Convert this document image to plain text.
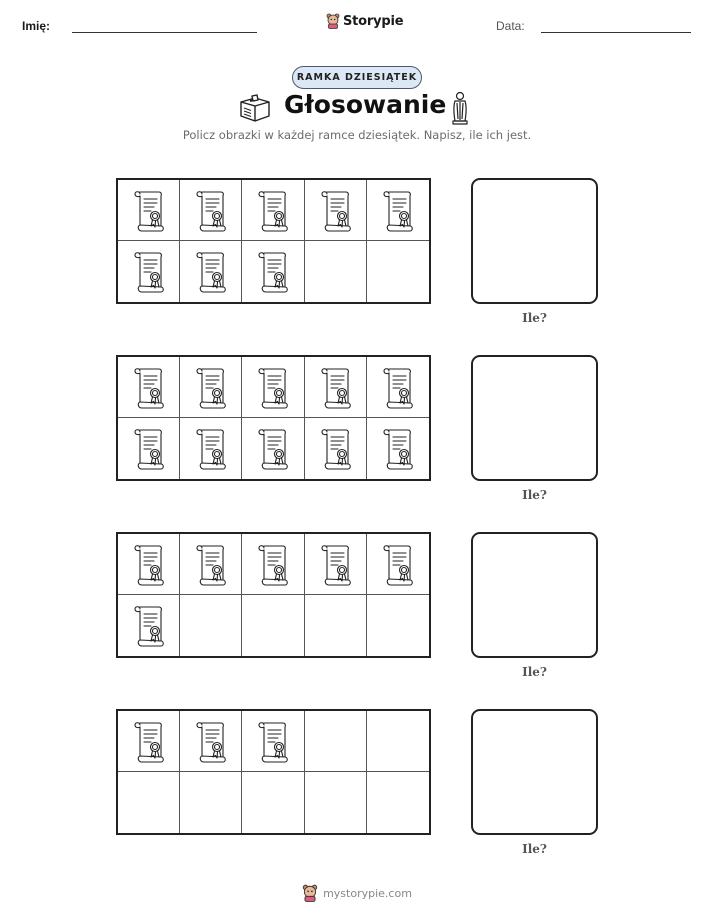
Imię:	Storypie	Data:
RAMKA DZIESIĄTEK
Głosowanie
Policz obrazki w każdej ramce dziesiątek. Napisz, ile ich jest.
Ile?
Ile?
Ile?
Ile?
mystorypie.com
